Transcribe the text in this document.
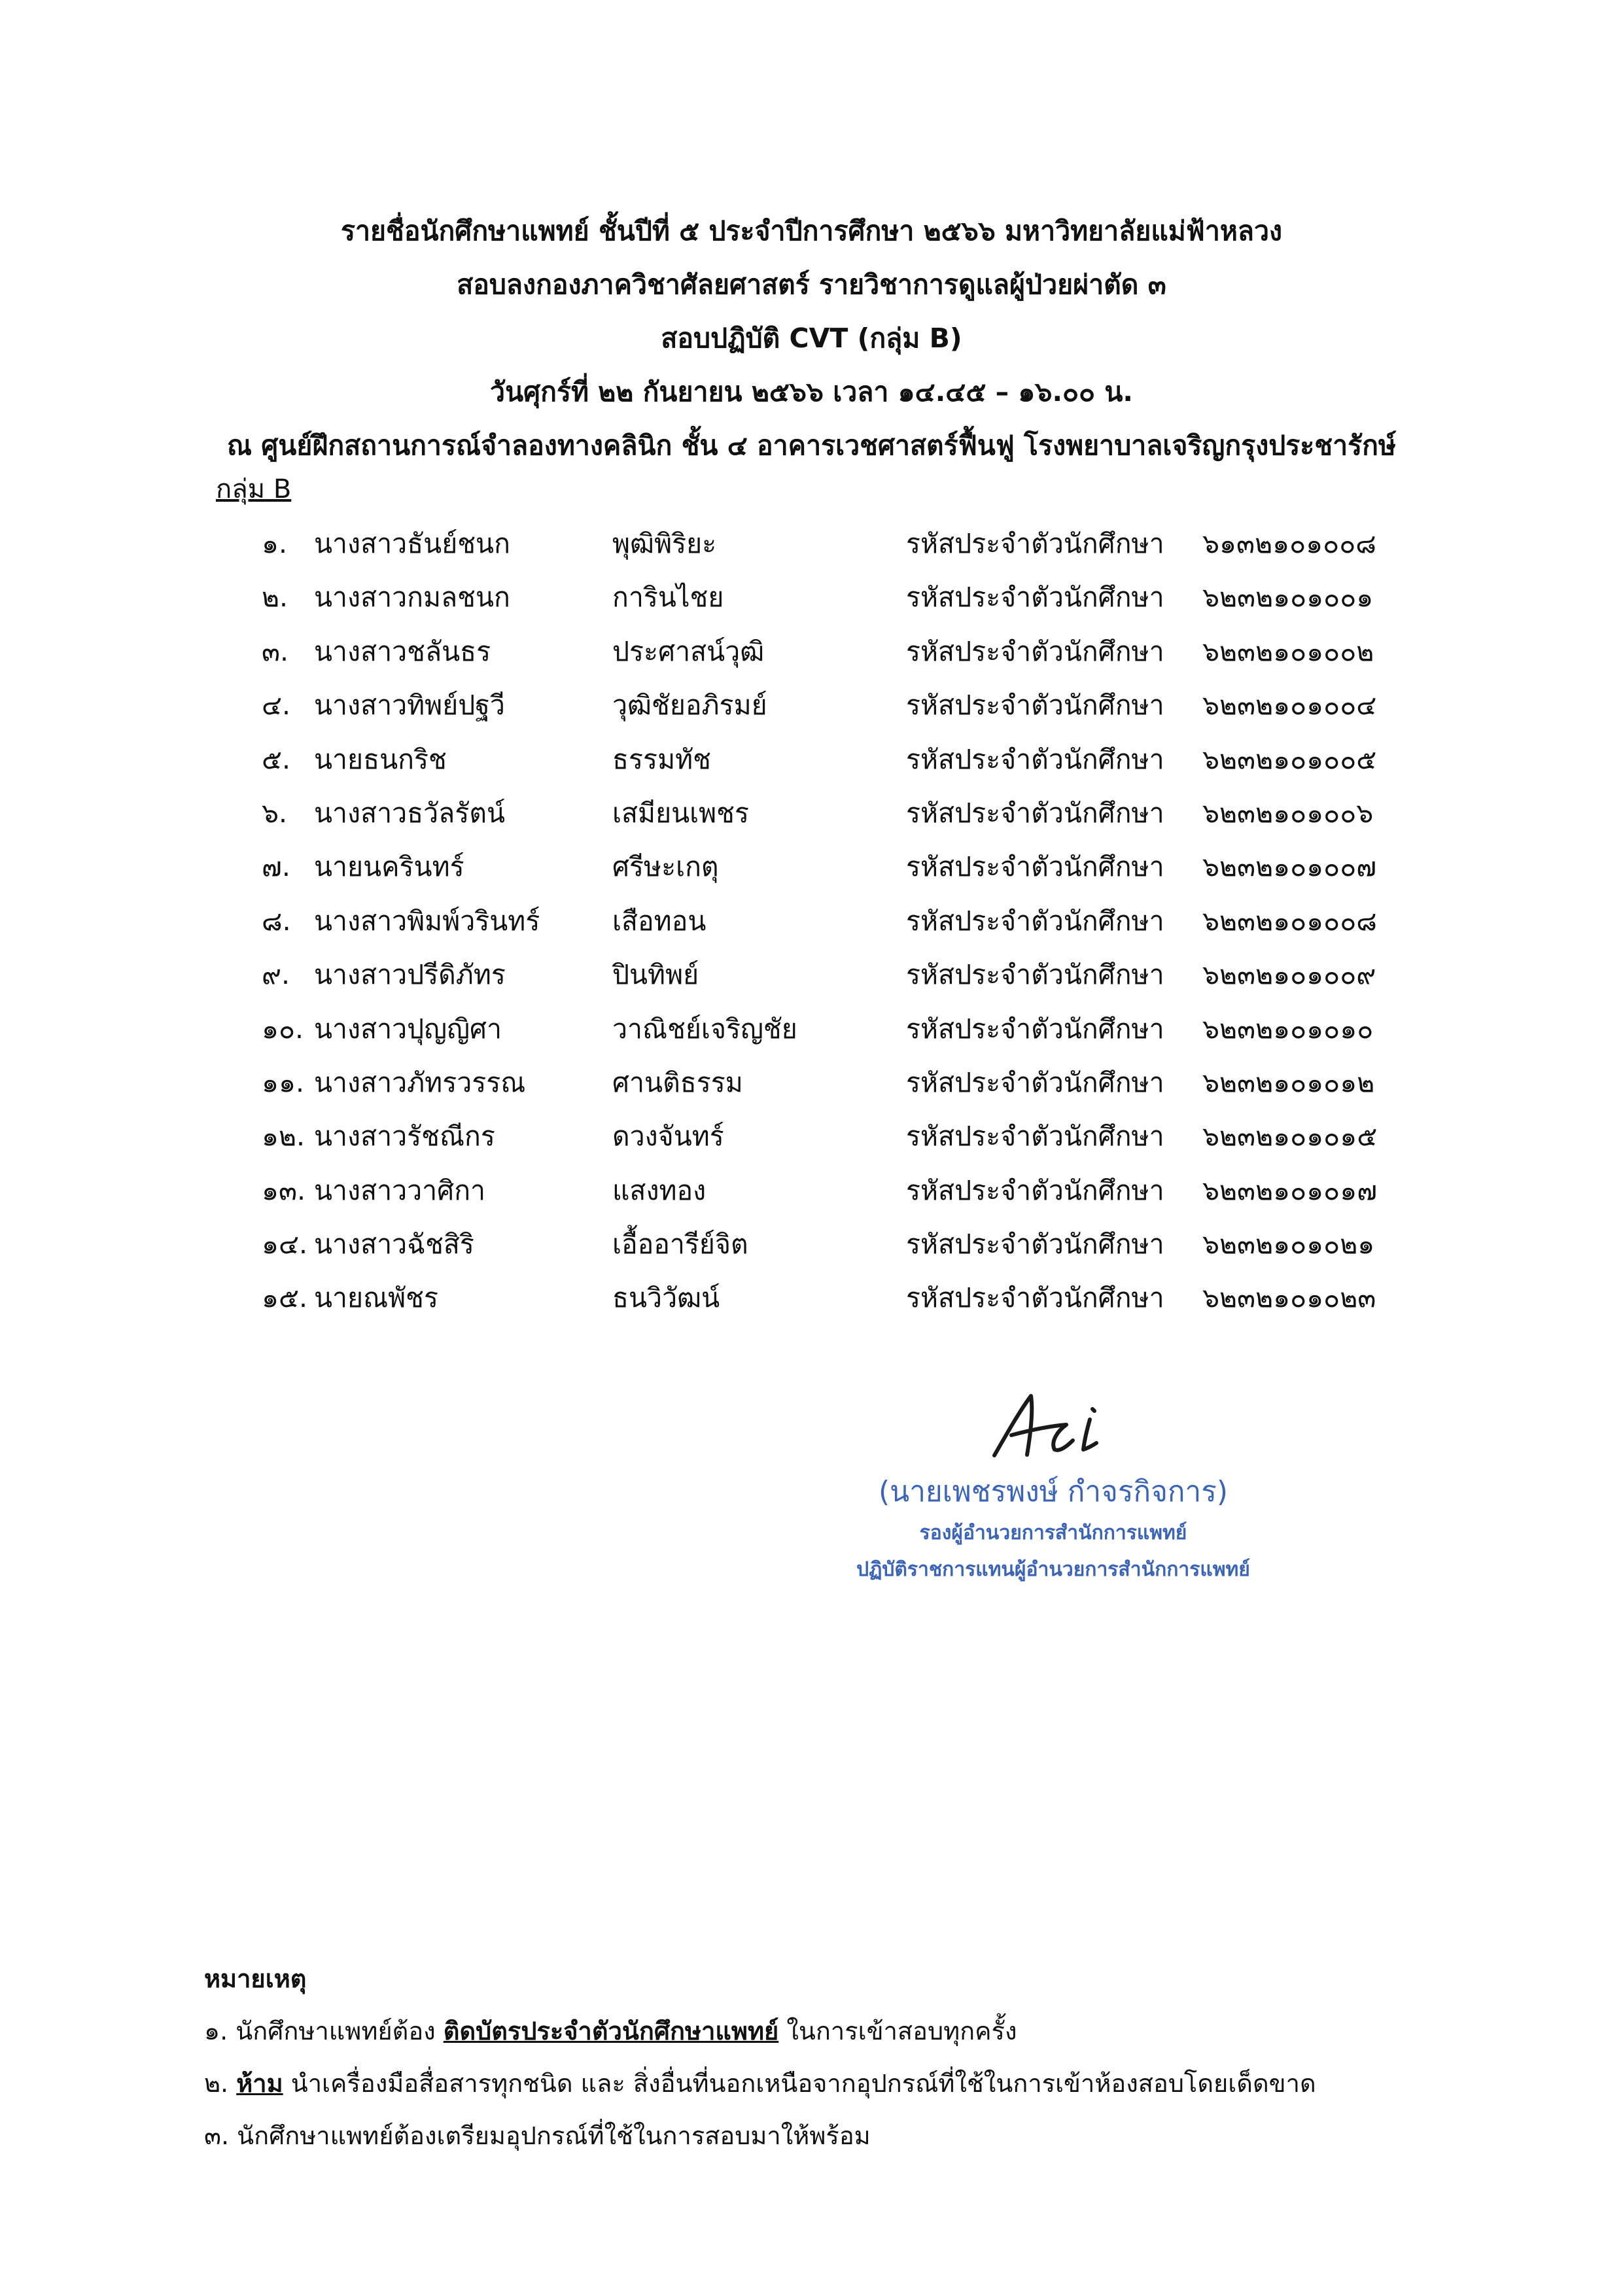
รายชื่อนักศึกษาแพทย์ ชั้นปีที่ ๕ ประจำปีการศึกษา ๒๕๖๖ มหาวิทยาลัยแม่ฟ้าหลวง
สอบลงกองภาควิชาศัลยศาสตร์ รายวิชาการดูแลผู้ป่วยผ่าตัด ๓
สอบปฏิบัติ CVT (กลุ่ม B)
วันศุกร์ที่ ๒๒ กันยายน ๒๕๖๖ เวลา ๑๔.๔๕ – ๑๖.๐๐ น.
ณ ศูนย์ฝึกสถานการณ์จำลองทางคลินิก ชั้น ๔ อาคารเวชศาสตร์ฟื้นฟู โรงพยาบาลเจริญกรุงประชารักษ์
กลุ่ม B
๑. นางสาวธันย์ชนก	พุฒิพิริยะ	รหัสประจำตัวนักศึกษา ๖๑๓๒๑๐๑๐๐๘
๒. นางสาวกมลชนก	การินไชย	รหัสประจำตัวนักศึกษา ๖๒๓๒๑๐๑๐๐๑
๓. นางสาวชลันธร	ประศาสน์วุฒิ	รหัสประจำตัวนักศึกษา ๖๒๓๒๑๐๑๐๐๒
๔. นางสาวทิพย์ปฐวี	วุฒิชัยอภิรมย์	รหัสประจำตัวนักศึกษา ๖๒๓๒๑๐๑๐๐๔
๕. นายธนกริช	ธรรมทัช	รหัสประจำตัวนักศึกษา ๖๒๓๒๑๐๑๐๐๕
๖. นางสาวธวัลรัตน์	เสมียนเพชร	รหัสประจำตัวนักศึกษา ๖๒๓๒๑๐๑๐๐๖
๗. นายนครินทร์	ศรีษะเกตุ	รหัสประจำตัวนักศึกษา ๖๒๓๒๑๐๑๐๐๗
๘. นางสาวพิมพ์วรินทร์	เสือทอน	รหัสประจำตัวนักศึกษา ๖๒๓๒๑๐๑๐๐๘
๙. นางสาวปรีดิภัทร	ปินทิพย์	รหัสประจำตัวนักศึกษา ๖๒๓๒๑๐๑๐๐๙
๑๐. นางสาวปุญญิศา	วาณิชย์เจริญชัย	รหัสประจำตัวนักศึกษา ๖๒๓๒๑๐๑๐๑๐
๑๑. นางสาวภัทรวรรณ	ศานติธรรม	รหัสประจำตัวนักศึกษา ๖๒๓๒๑๐๑๐๑๒
๑๒. นางสาวรัชณีกร	ดวงจันทร์	รหัสประจำตัวนักศึกษา ๖๒๓๒๑๐๑๐๑๕
๑๓. นางสาววาศิกา	แสงทอง	รหัสประจำตัวนักศึกษา ๖๒๓๒๑๐๑๐๑๗
๑๔. นางสาวฉัชสิริ	เอื้ออารีย์จิต	รหัสประจำตัวนักศึกษา ๖๒๓๒๑๐๑๐๒๑
๑๕. นายณพัชร	ธนวิวัฒน์	รหัสประจำตัวนักศึกษา ๖๒๓๒๑๐๑๐๒๓
(นายเพชรพงษ์ กำจรกิจการ)
รองผู้อำนวยการสำนักการแพทย์
ปฏิบัติราชการแทนผู้อำนวยการสำนักการแพทย์
หมายเหตุ
๑. นักศึกษาแพทย์ต้อง ติดบัตรประจำตัวนักศึกษาแพทย์ ในการเข้าสอบทุกครั้ง
๒. ห้าม นำเครื่องมือสื่อสารทุกชนิด และ สิ่งอื่นที่นอกเหนือจากอุปกรณ์ที่ใช้ในการเข้าห้องสอบโดยเด็ดขาด
๓. นักศึกษาแพทย์ต้องเตรียมอุปกรณ์ที่ใช้ในการสอบมาให้พร้อม
